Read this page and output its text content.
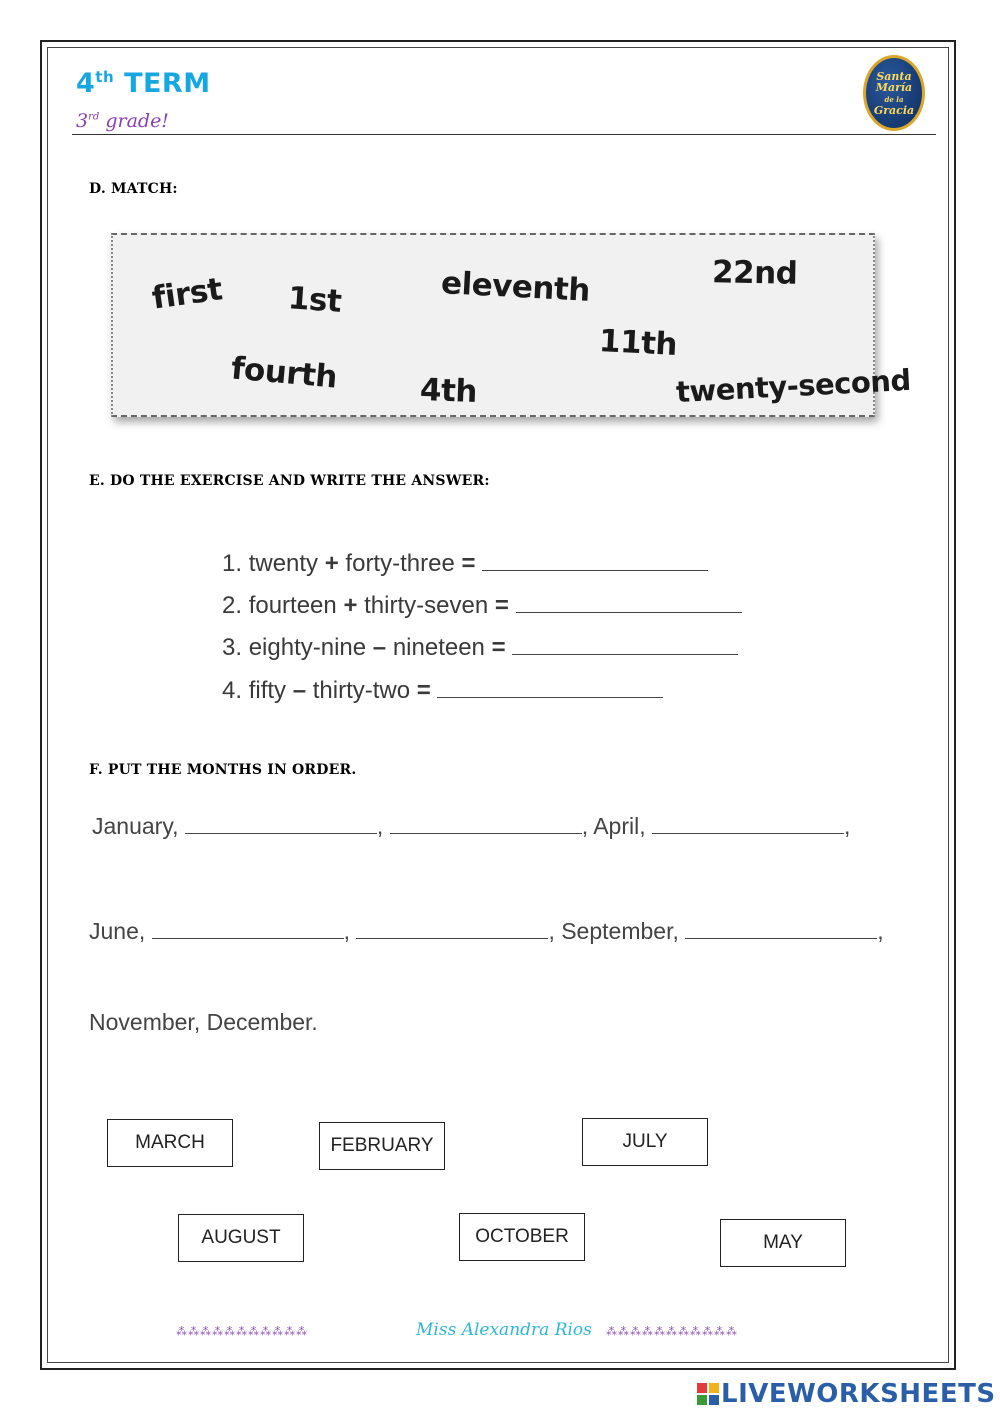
4th TERM
3rd grade!
Santa
María
de la
Gracia
D. MATCH:
first 1st	eleventh	22nd
11th
fourth	4th	twenty-second
E. DO THE EXERCISE AND WRITE THE ANSWER:
1. twenty + forty-three =
2. fourteen + thirty-seven =
3. eighty-nine – nineteen =
4. fifty – thirty-two =
F. PUT THE MONTHS IN ORDER.
January,	,	, April,	,
June,	,	, September,	,
November, December.
MARCH	FEBRUARY	JULY
AUGUST	OCTOBER	MAY
⁂⁂⁂⁂⁂⁂⁂⁂⁂⁂⁂	Miss Alexandra Rios ⁂⁂⁂⁂⁂⁂⁂⁂⁂⁂⁂
LIVEWORKSHEETS
